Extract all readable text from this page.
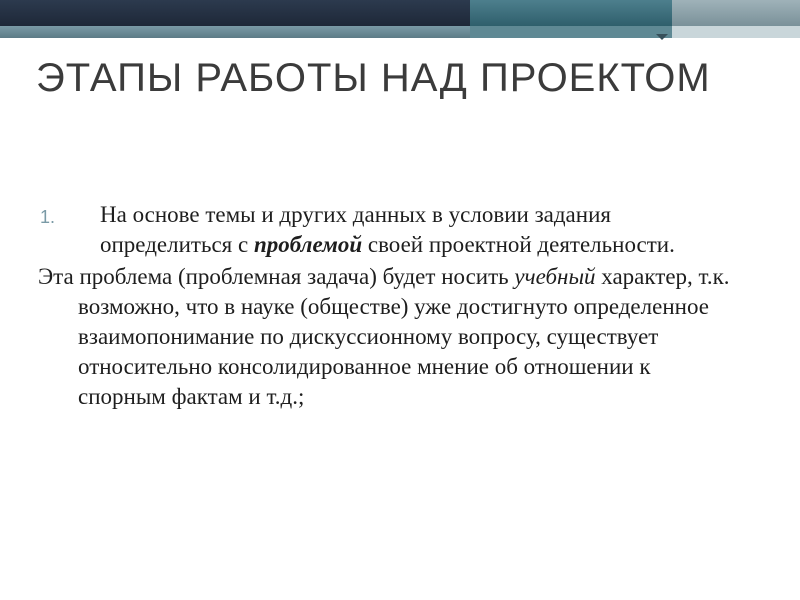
ЭТАПЫ РАБОТЫ НАД ПРОЕКТОМ
1.	На основе темы и других данных в условии задания определиться с проблемой своей проектной деятельности.
Эта проблема (проблемная задача) будет носить учебный характер, т.к. возможно, что в науке (обществе) уже достигнуто определенное взаимопонимание по дискуссионному вопросу, существует относительно консолидированное мнение об отношении к спорным фактам и т.д.;
